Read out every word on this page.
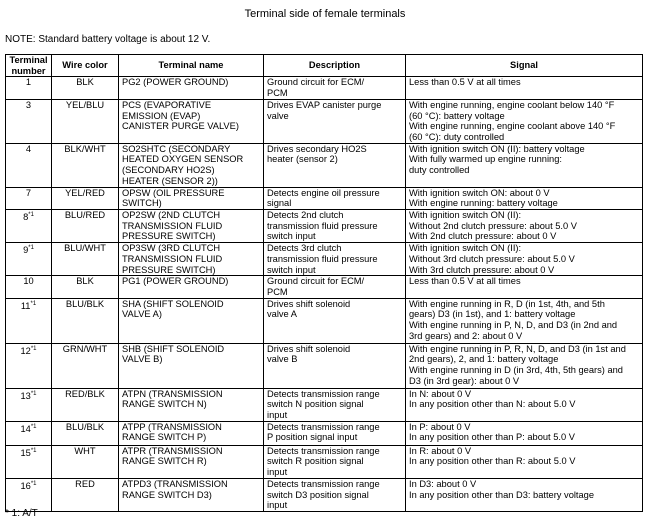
Terminal side of female terminals
NOTE: Standard battery voltage is about 12 V.
Terminal
number	Wire color	Terminal name	Description	Signal
1	BLK	PG2 (POWER GROUND)	Ground circuit for ECM/
PCM	Less than 0.5 V at all times
3	YEL/BLU	PCS (EVAPORATIVE
EMISSION (EVAP)
CANISTER PURGE VALVE)	Drives EVAP canister purge
valve	With engine running, engine coolant below 140 °F
(60 °C): battery voltage
With engine running, engine coolant above 140 °F
(60 °C): duty controlled
4	BLK/WHT	SO2SHTC (SECONDARY
HEATED OXYGEN SENSOR
(SECONDARY HO2S)
HEATER (SENSOR 2))	Drives secondary HO2S
heater (sensor 2)	With ignition switch ON (II): battery voltage
With fully warmed up engine running:
duty controlled
7	YEL/RED	OPSW (OIL PRESSURE
SWITCH)	Detects engine oil pressure
signal	With ignition switch ON: about 0 V
With engine running: battery voltage
8$^{*1}$	BLU/RED	OP2SW (2ND CLUTCH
TRANSMISSION FLUID
PRESSURE SWITCH)	Detects 2nd clutch
transmission fluid pressure
switch input	With ignition switch ON (II):
Without 2nd clutch pressure: about 5.0 V
With 2nd clutch pressure: about 0 V
9$^{*1}$	BLU/WHT	OP3SW (3RD CLUTCH
TRANSMISSION FLUID
PRESSURE SWITCH)	Detects 3rd clutch
transmission fluid pressure
switch input	With ignition switch ON (II):
Without 3rd clutch pressure: about 5.0 V
With 3rd clutch pressure: about 0 V
10	BLK	PG1 (POWER GROUND)	Ground circuit for ECM/
PCM	Less than 0.5 V at all times
11$^{*1}$	BLU/BLK	SHA (SHIFT SOLENOID
VALVE A)	Drives shift solenoid
valve A	With engine running in R, D (in 1st, 4th, and 5th
gears) D3 (in 1st), and 1: battery voltage
With engine running in P, N, D, and D3 (in 2nd and
3rd gears) and 2: about 0 V
12$^{*1}$	GRN/WHT	SHB (SHIFT SOLENOID
VALVE B)	Drives shift solenoid
valve B	With engine running in P, R, N, D, and D3 (in 1st and
2nd gears), 2, and 1: battery voltage
With engine running in D (in 3rd, 4th, 5th gears) and
D3 (in 3rd gear): about 0 V
13$^{*1}$	RED/BLK	ATPN (TRANSMISSION
RANGE SWITCH N)	Detects transmission range
switch N position signal
input	In N: about 0 V
In any position other than N: about 5.0 V
14$^{*1}$	BLU/BLK	ATPP (TRANSMISSION
RANGE SWITCH P)	Detects transmission range
P position signal input	In P: about 0 V
In any position other than P: about 5.0 V
15$^{*1}$	WHT	ATPR (TRANSMISSION
RANGE SWITCH R)	Detects transmission range
switch R position signal
input	In R: about 0 V
In any position other than R: about 5.0 V
16$^{*1}$	RED	ATPD3 (TRANSMISSION
RANGE SWITCH D3)	Detects transmission range
switch D3 position signal
input	In D3: about 0 V
In any position other than D3: battery voltage
* 1: A/T
